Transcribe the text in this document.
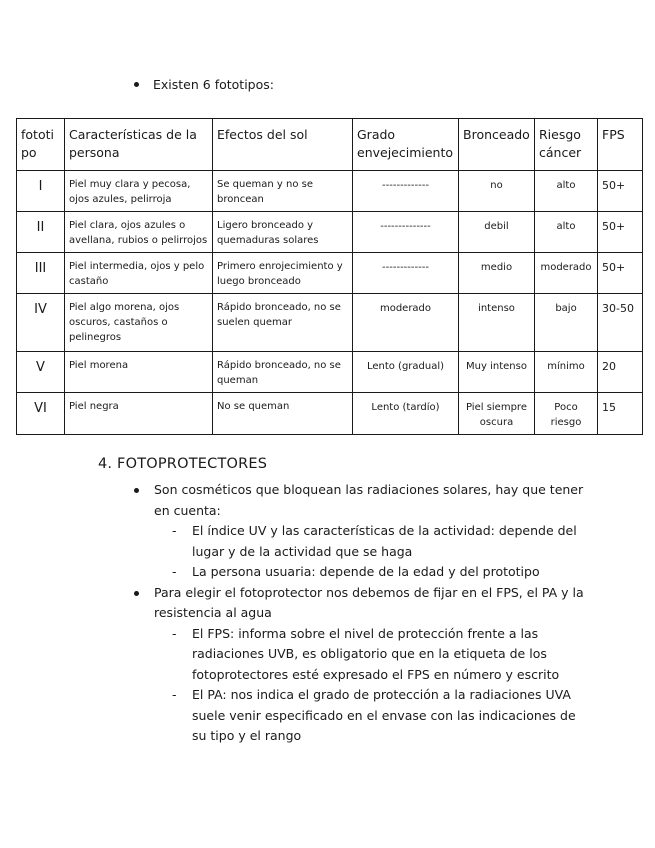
Existen 6 fototipos:
fototipo	Características de la persona	Efectos del sol	Grado envejecimiento	Bronceado	Riesgo cáncer	FPS
I	Piel muy clara y pecosa, ojos azules, pelirroja	Se queman y no se broncean	-------------	no	alto	50+
II	Piel clara, ojos azules o avellana, rubios o pelirrojos	Ligero bronceado y quemaduras solares	--------------	debil	alto	50+
III	Piel intermedia, ojos y pelo castaño	Primero enrojecimiento y luego bronceado	-------------	medio	moderado	50+
IV	Piel algo morena, ojos oscuros, castaños o pelinegros	Rápido bronceado, no se suelen quemar	moderado	intenso	bajo	30-50
V	Piel morena	Rápido bronceado, no se queman	Lento (gradual)	Muy intenso	mínimo	20
VI	Piel negra	No se queman	Lento (tardío)	Piel siempre oscura	Poco riesgo	15
4. FOTOPROTECTORES
Son cosméticos que bloquean las radiaciones solares, hay que tener en cuenta:
- El índice UV y las características de la actividad: depende del lugar y de la actividad que se haga
- La persona usuaria: depende de la edad y del prototipo
Para elegir el fotoprotector nos debemos de fijar en el FPS, el PA y la resistencia al agua
- El FPS: informa sobre el nivel de protección frente a las radiaciones UVB, es obligatorio que en la etiqueta de los fotoprotectores esté expresado el FPS en número y escrito
- El PA: nos indica el grado de protección a la radiaciones UVA suele venir especificado en el envase con las indicaciones de su tipo y el rango
